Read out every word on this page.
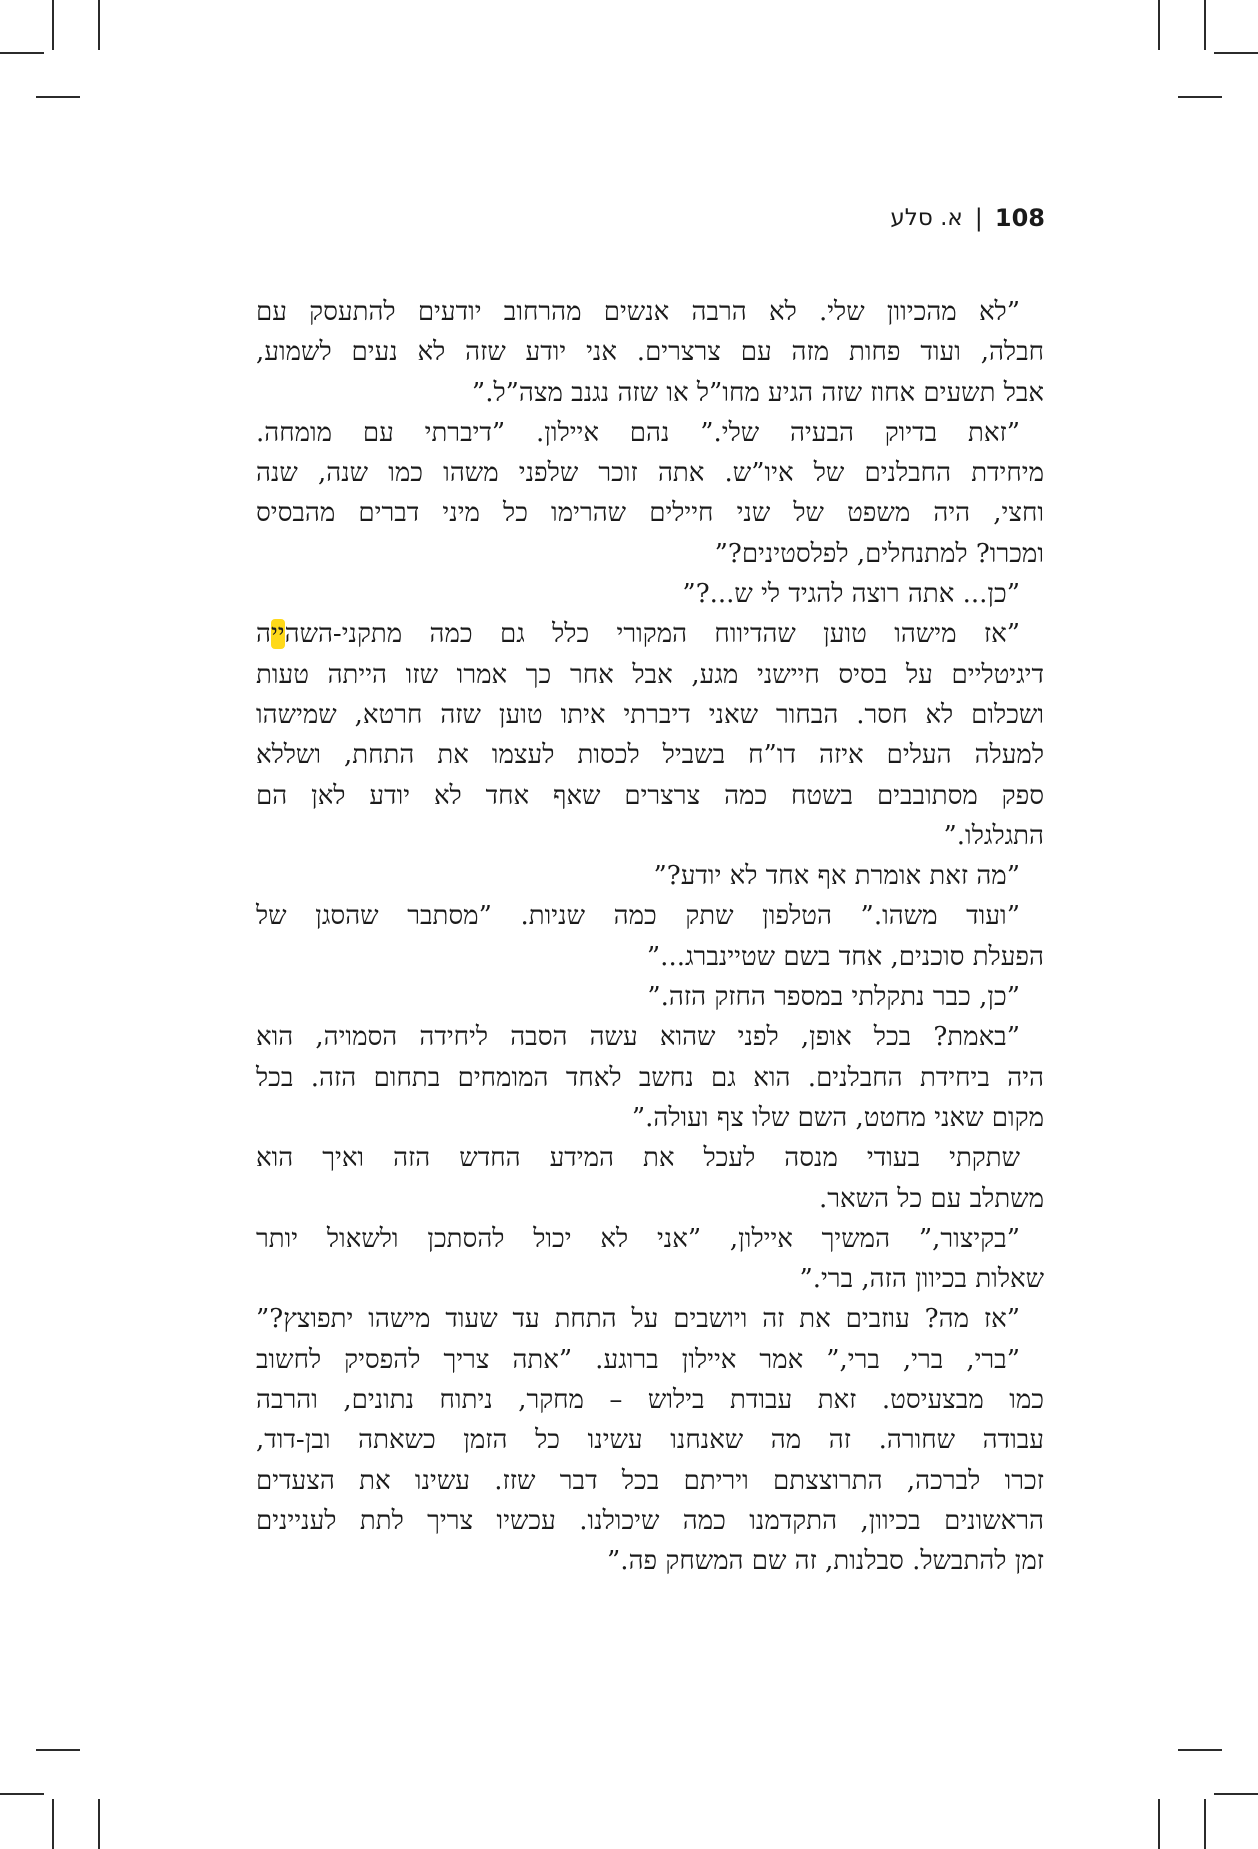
108
|
א. סלע
”לא מהכיוון שלי. לא הרבה אנשים מהרחוב יודעים להתעסק עם
חבלה, ועוד פחות מזה עם צרצרים. אני יודע שזה לא נעים לשמוע,
אבל תשעים אחוז שזה הגיע מחו”ל או שזה נגנב מצה”ל.”
”זאת בדיוק הבעיה שלי.” נהם איילון. ”דיברתי עם מומחה.
מיחידת החבלנים של איו”ש. אתה זוכר שלפני משהו כמו שנה, שנה
וחצי, היה משפט של שני חיילים שהרימו כל מיני דברים מהבסיס
ומכרו? למתנחלים, לפלסטינים?”
”כן... אתה רוצה להגיד לי ש...?”
”אז מישהו טוען שהדיווח המקורי כלל גם כמה מתקני-השהייה
דיגיטליים על בסיס חיישני מגע, אבל אחר כך אמרו שזו הייתה טעות
ושכלום לא חסר. הבחור שאני דיברתי איתו טוען שזה חרטא, שמישהו
למעלה העלים איזה דו”ח בשביל לכסות לעצמו את התחת, ושללא
ספק מסתובבים בשטח כמה צרצרים שאף אחד לא יודע לאן הם
התגלגלו.”
”מה זאת אומרת אף אחד לא יודע?”
”ועוד משהו.” הטלפון שתק כמה שניות. ”מסתבר שהסגן של
הפעלת סוכנים, אחד בשם שטיינברג...”
”כן, כבר נתקלתי במספר החזק הזה.”
”באמת? בכל אופן, לפני שהוא עשה הסבה ליחידה הסמויה, הוא
היה ביחידת החבלנים. הוא גם נחשב לאחד המומחים בתחום הזה. בכל
מקום שאני מחטט, השם שלו צף ועולה.”
שתקתי בעודי מנסה לעכל את המידע החדש הזה ואיך הוא
משתלב עם כל השאר.
”בקיצור,” המשיך איילון, ”אני לא יכול להסתכן ולשאול יותר
שאלות בכיוון הזה, ברי.”
”אז מה? עוזבים את זה ויושבים על התחת עד שעוד מישהו יתפוצץ?”
”ברי, ברי, ברי,” אמר איילון ברוגע. ”אתה צריך להפסיק לחשוב
כמו מבצעיסט. זאת עבודת בילוש – מחקר, ניתוח נתונים, והרבה
עבודה שחורה. זה מה שאנחנו עשינו כל הזמן כשאתה ובן-דוד,
זכרו לברכה, התרוצצתם ויריתם בכל דבר שזז. עשינו את הצעדים
הראשונים בכיוון, התקדמנו כמה שיכולנו. עכשיו צריך לתת לעניינים
זמן להתבשל. סבלנות, זה שם המשחק פה.”
